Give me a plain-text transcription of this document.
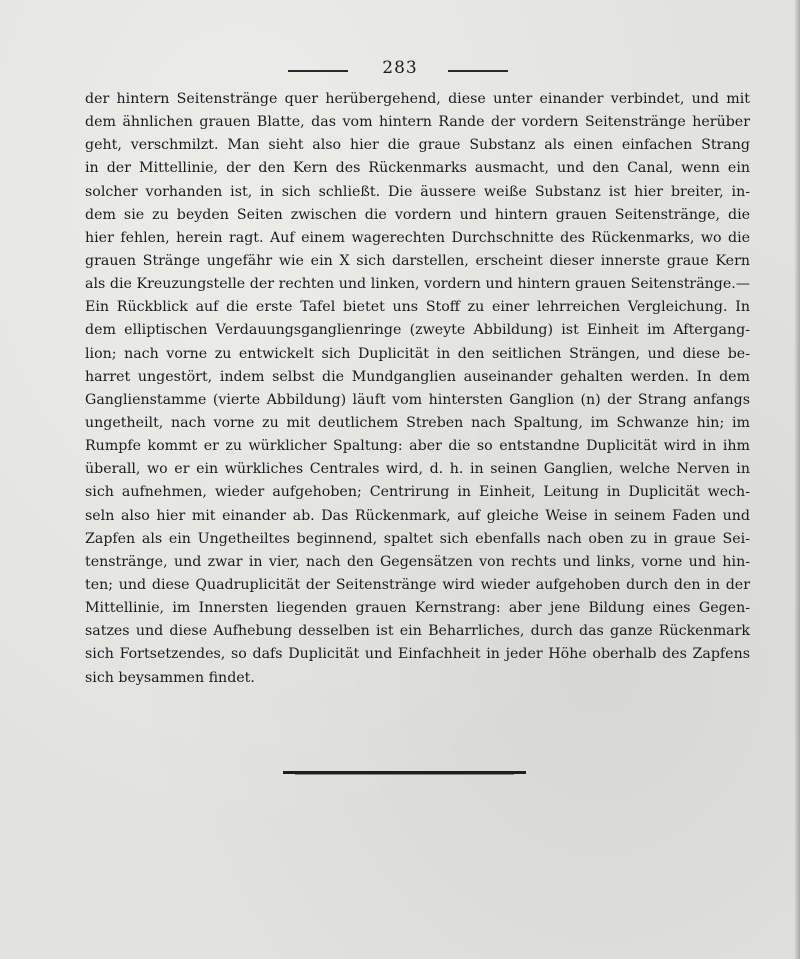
283
der hintern Seitenstränge quer herübergehend, diese unter einander verbindet, und mit
dem ähnlichen grauen Blatte, das vom hintern Rande der vordern Seitenstränge herüber
geht, verschmilzt. Man sieht also hier die graue Substanz als einen einfachen Strang
in der Mittellinie, der den Kern des Rückenmarks ausmacht, und den Canal, wenn ein
solcher vorhanden ist, in sich schließt. Die äussere weiße Substanz ist hier breiter, in-
dem sie zu beyden Seiten zwischen die vordern und hintern grauen Seitenstränge, die
hier fehlen, herein ragt. Auf einem wagerechten Durchschnitte des Rückenmarks, wo die
grauen Stränge ungefähr wie ein X sich darstellen, erscheint dieser innerste graue Kern
als die Kreuzungstelle der rechten und linken, vordern und hintern grauen Seitenstränge.—
Ein Rückblick auf die erste Tafel bietet uns Stoff zu einer lehrreichen Vergleichung. In
dem elliptischen Verdauungsganglienringe (zweyte Abbildung) ist Einheit im Aftergang-
lion; nach vorne zu entwickelt sich Duplicität in den seitlichen Strängen, und diese be-
harret ungestört, indem selbst die Mundganglien auseinander gehalten werden. In dem
Ganglienstamme (vierte Abbildung) läuft vom hintersten Ganglion (n) der Strang anfangs
ungetheilt, nach vorne zu mit deutlichem Streben nach Spaltung, im Schwanze hin; im
Rumpfe kommt er zu würklicher Spaltung: aber die so entstandne Duplicität wird in ihm
überall, wo er ein würkliches Centrales wird, d. h. in seinen Ganglien, welche Nerven in
sich aufnehmen, wieder aufgehoben; Centrirung in Einheit, Leitung in Duplicität wech-
seln also hier mit einander ab. Das Rückenmark, auf gleiche Weise in seinem Faden und
Zapfen als ein Ungetheiltes beginnend, spaltet sich ebenfalls nach oben zu in graue Sei-
tenstränge, und zwar in vier, nach den Gegensätzen von rechts und links, vorne und hin-
ten; und diese Quadruplicität der Seitenstränge wird wieder aufgehoben durch den in der
Mittellinie, im Innersten liegenden grauen Kernstrang: aber jene Bildung eines Gegen-
satzes und diese Aufhebung desselben ist ein Beharrliches, durch das ganze Rückenmark
sich Fortsetzendes, so dafs Duplicität und Einfachheit in jeder Höhe oberhalb des Zapfens
sich beysammen findet.
